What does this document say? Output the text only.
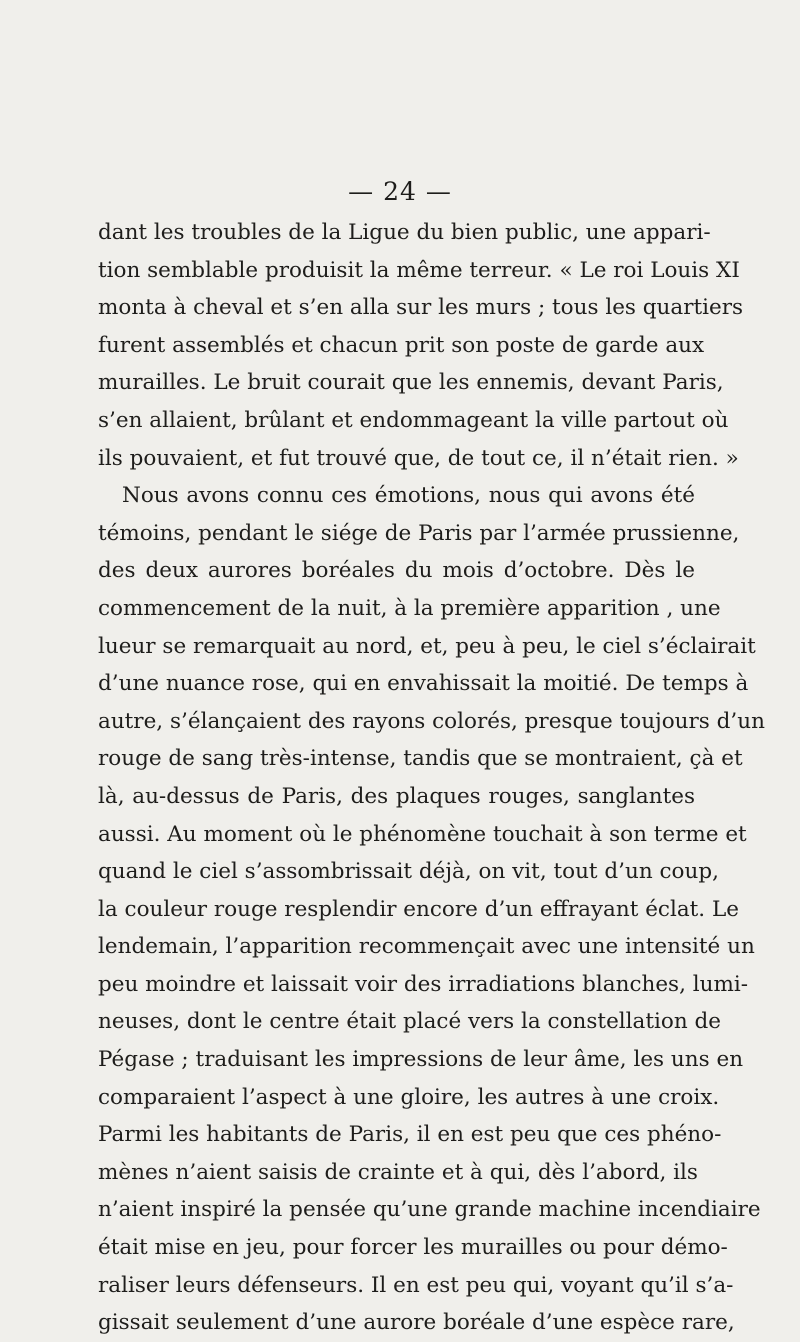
— 24 —
dant les troubles de la Ligue du bien public, une appari-
tion semblable produisit la même terreur. « Le roi Louis XI
monta à cheval et s’en alla sur les murs ; tous les quartiers
furent assemblés et chacun prit son poste de garde aux
murailles. Le bruit courait que les ennemis, devant Paris,
s’en allaient, brûlant et endommageant la ville partout où
ils pouvaient, et fut trouvé que, de tout ce, il n’était rien. »
Nous avons connu ces émotions, nous qui avons été
témoins, pendant le siége de Paris par l’armée prussienne,
des deux aurores boréales du mois d’octobre. Dès le
commencement de la nuit, à la première apparition , une
lueur se remarquait au nord, et, peu à peu, le ciel s’éclairait
d’une nuance rose, qui en envahissait la moitié. De temps à
autre, s’élançaient des rayons colorés, presque toujours d’un
rouge de sang très-intense, tandis que se montraient, çà et
là, au-dessus de Paris, des plaques rouges, sanglantes
aussi. Au moment où le phénomène touchait à son terme et
quand le ciel s’assombrissait déjà, on vit, tout d’un coup,
la couleur rouge resplendir encore d’un effrayant éclat. Le
lendemain, l’apparition recommençait avec une intensité un
peu moindre et laissait voir des irradiations blanches, lumi-
neuses, dont le centre était placé vers la constellation de
Pégase ; traduisant les impressions de leur âme, les uns en
comparaient l’aspect à une gloire, les autres à une croix.
Parmi les habitants de Paris, il en est peu que ces phéno-
mènes n’aient saisis de crainte et à qui, dès l’abord, ils
n’aient inspiré la pensée qu’une grande machine incendiaire
était mise en jeu, pour forcer les murailles ou pour démo-
raliser leurs défenseurs. Il en est peu qui, voyant qu’il s’a-
gissait seulement d’une aurore boréale d’une espèce rare,
